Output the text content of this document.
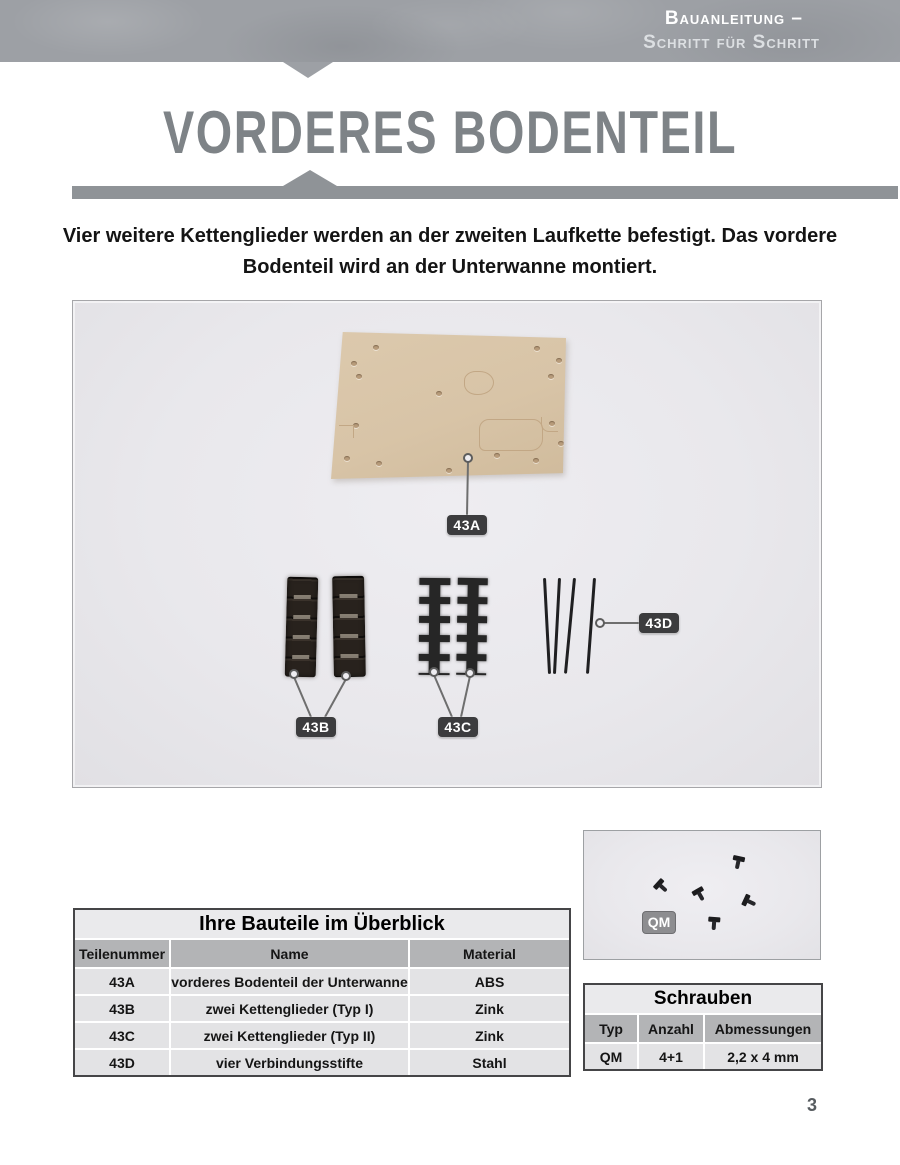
Bauanleitung –
Schritt für Schritt
VORDERES BODENTEIL
Vier weitere Kettenglieder werden an der zweiten Laufkette befestigt. Das vordere
Bodenteil wird an der Unterwanne montiert.
43A
43B	43C
43D
QM
Ihre Bauteile im Überblick
Teilenummer	Name	Material
43A	vorderes Bodenteil der Unterwanne	ABS
43B	zwei Kettenglieder (Typ I)	Zink
43C	zwei Kettenglieder (Typ II)	Zink
43D	vier Verbindungsstifte	Stahl
Schrauben
Typ	Anzahl	Abmessungen
QM	4+1	2,2 x 4 mm
3
